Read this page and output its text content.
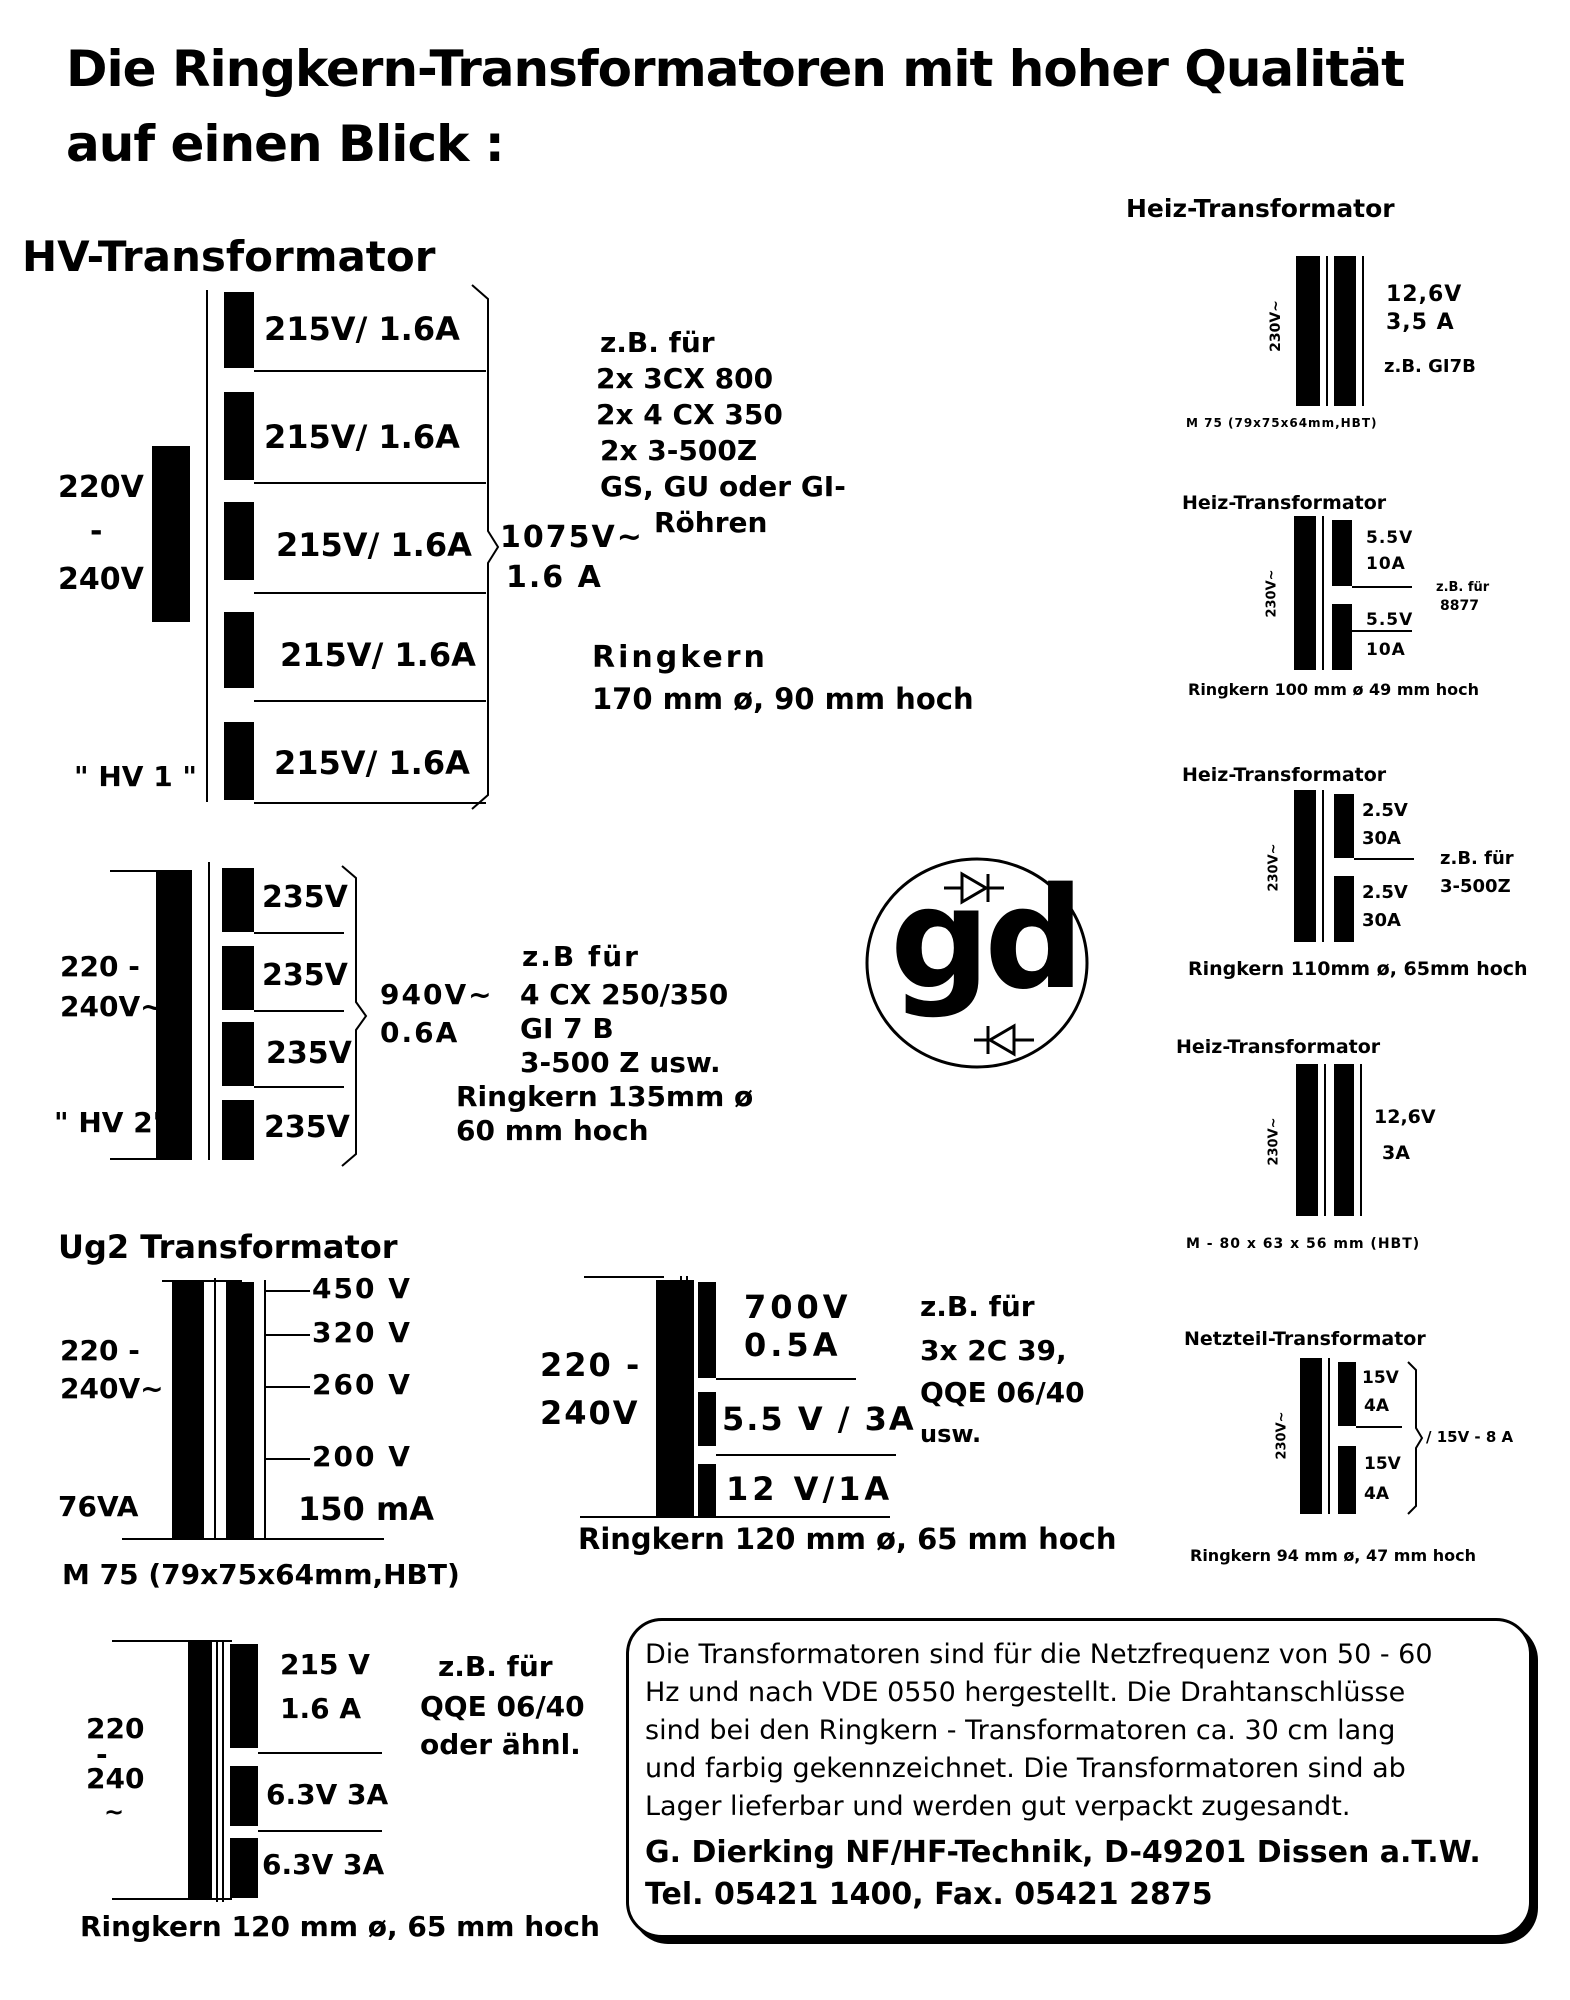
Die Ringkern-Transformatoren mit hoher Qualität
auf einen Blick :
HV-Transformator
220V
-
240V
215V/ 1.6A
215V/ 1.6A
215V/ 1.6A
215V/ 1.6A
215V/ 1.6A
1075V~
1.6 A
" HV 1 "
z.B. für
2x 3CX 800
2x 4 CX 350
2x 3-500Z
GS, GU oder GI-
Röhren
Ringkern
170 mm ø, 90 mm hoch
220 -
240V~
" HV 2"
235V
235V
235V
235V
940V~
0.6A
z.B für
4 CX 250/350
GI 7 B
3-500 Z usw.
Ringkern 135mm ø
60 mm hoch
gd
Ug2 Transformator
220 -
240V~
76VA
450 V
320 V
260 V
200 V
150 mA
M 75 (79x75x64mm,HBT)
220 -
240V
700V
0.5A
5.5 V / 3A
12 V/1A
z.B. für
3x 2C 39,
QQE 06/40
usw.
Ringkern 120 mm ø, 65 mm hoch
220
-
240
~
215 V
1.6 A
6.3V 3A
6.3V 3A
z.B. für
QQE 06/40
oder ähnl.
Ringkern 120 mm ø, 65 mm hoch
Heiz-Transformator
230V~
12,6V
3,5 A
z.B. GI7B
M 75 (79x75x64mm,HBT)
Heiz-Transformator
230V~
5.5V
10A
5.5V
10A
z.B. für
8877
Ringkern 100 mm ø 49 mm hoch
Heiz-Transformator
230V~
2.5V
30A
2.5V
30A
z.B. für
3-500Z
Ringkern 110mm ø, 65mm hoch
Heiz-Transformator
230V~
12,6V
3A
M - 80 x 63 x 56 mm (HBT)
Netzteil-Transformator
230V~
15V
4A
15V
4A
/ 15V - 8 A
Ringkern 94 mm ø, 47 mm hoch
Die Transformatoren sind für die Netzfrequenz von 50 - 60
Hz und nach VDE 0550 hergestellt. Die Drahtanschlüsse
sind bei den Ringkern - Transformatoren ca. 30 cm lang
und farbig gekennzeichnet. Die Transformatoren sind ab
Lager lieferbar und werden gut verpackt zugesandt.
G. Dierking NF/HF-Technik, D-49201 Dissen a.T.W.
Tel. 05421 1400, Fax. 05421 2875
